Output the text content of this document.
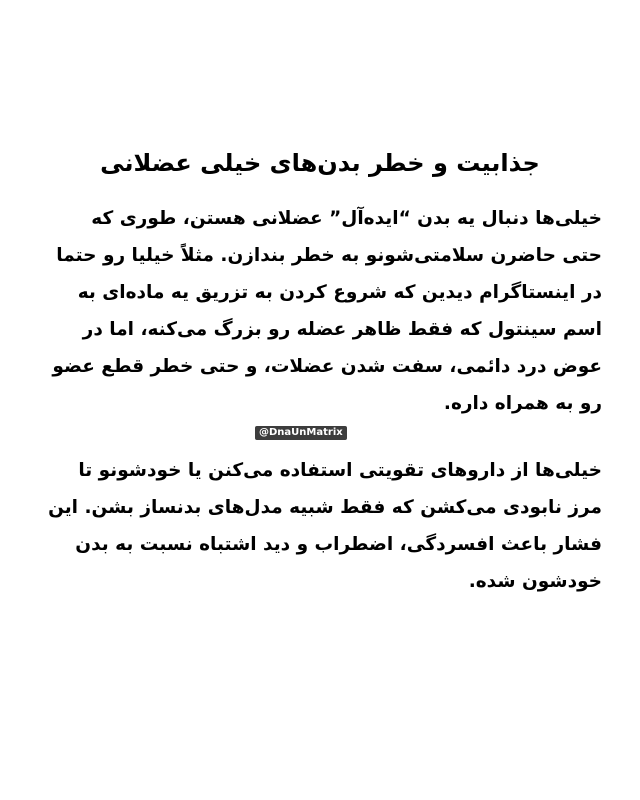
جذابیت و خطر بدن‌های خیلی عضلانی
خیلی‌ها دنبال یه بدن “ایده‌آل” عضلانی هستن، طوری که
حتی حاضرن سلامتی‌شونو به خطر بندازن. مثلاً خیلیا رو حتما
در اینستاگرام دیدین که شروع کردن به تزریق یه ماده‌ای به
اسم سینتول که فقط ظاهر عضله رو بزرگ می‌کنه، اما در
عوض درد دائمی، سفت شدن عضلات، و حتی خطر قطع عضو
رو به همراه داره.
@DnaUnMatrix
خیلی‌ها از داروهای تقویتی استفاده می‌کنن یا خودشونو تا
مرز نابودی می‌کشن که فقط شبیه مدل‌های بدنساز بشن. این
فشار باعث افسردگی، اضطراب و دید اشتباه نسبت به بدن
خودشون شده.
